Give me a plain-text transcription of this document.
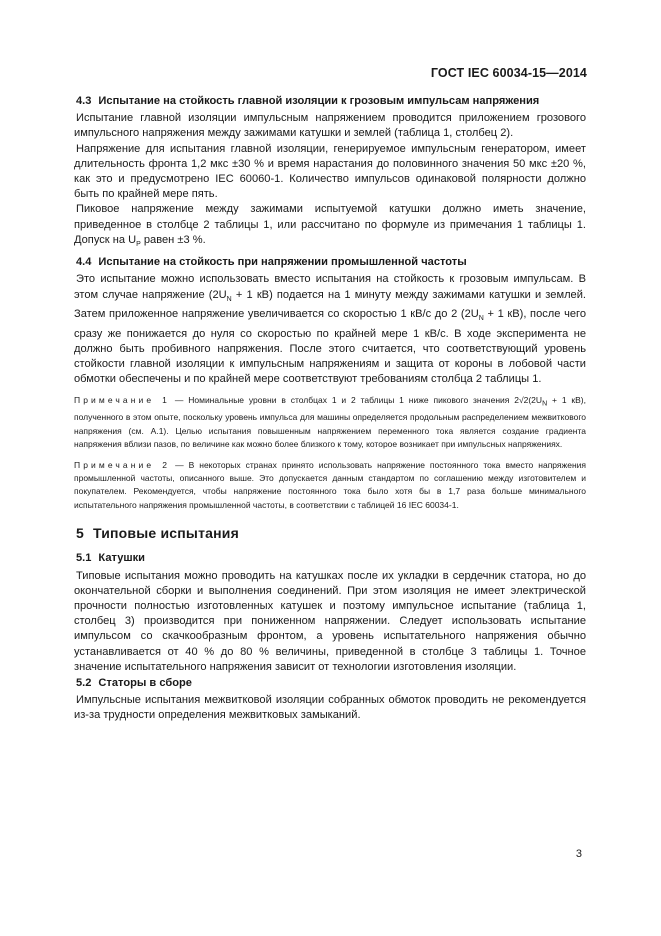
ГОСТ IEC 60034-15—2014
4.3 Испытание на стойкость главной изоляции к грозовым импульсам напряжения

Испытание главной изоляции импульсным напряжением проводится приложением грозового импульсного напряжения между зажимами катушки и землей (таблица 1, столбец 2).

Напряжение для испытания главной изоляции, генерируемое импульсным генератором, имеет длительность фронта 1,2 мкс ±30 % и время нарастания до половинного значения 50 мкс ±20 %, как это и предусмотрено IEC 60060-1. Количество импульсов одинаковой полярности должно быть по крайней мере пять.

Пиковое напряжение между зажимами испытуемой катушки должно иметь значение, приведенное в столбце 2 таблицы 1, или рассчитано по формуле из примечания 1 таблицы 1. Допуск на $U_P$ равен ±3 %.

4.4 Испытание на стойкость при напряжении промышленной частоты

Это испытание можно использовать вместо испытания на стойкость к грозовым импульсам. В этом случае напряжение ($2U_N + 1$ кВ) подается на 1 минуту между зажимами катушки и землей. Затем приложенное напряжение увеличивается со скоростью 1 кВ/с до 2 ($2U_N + 1$ кВ), после чего сразу же понижается до нуля со скоростью по крайней мере 1 кВ/с. В ходе эксперимента не должно быть пробивного напряжения. После этого считается, что соответствующий уровень стойкости главной изоляции к импульсным напряжениям и защита от короны в лобовой части обмотки обеспечены и по крайней мере соответствуют требованиям столбца 2 таблицы 1.

Примечание 1 — Номинальные уровни в столбцах 1 и 2 таблицы 1 ниже пикового значения $2√2(2U_N + 1$ кВ), полученного в этом опыте, поскольку уровень импульса для машины определяется продольным распределением межвиткового напряжения (см. А.1). Целью испытания повышенным напряжением переменного тока является создание градиента напряжения вблизи пазов, по величине как можно более близкого к тому, которое возникает при импульсных напряжениях.
Примечание 2 — В некоторых странах принято использовать напряжение постоянного тока вместо напряжения промышленной частоты, описанного выше. Это допускается данным стандартом по соглашению между изготовителем и покупателем. Рекомендуется, чтобы напряжение постоянного тока было хотя бы в 1,7 раза больше минимального испытательного напряжения промышленной частоты, в соответствии с таблицей 16 IEC 60034-1.
5 Типовые испытания
5.1 Катушки

Типовые испытания можно проводить на катушках после их укладки в сердечник статора, но до окончательной сборки и выполнения соединений. При этом изоляция не имеет электрической прочности полностью изготовленных катушек и поэтому импульсное испытание (таблица 1, столбец 3) производится при пониженном напряжении. Следует использовать испытание импульсом со скачкообразным фронтом, а уровень испытательного напряжения обычно устанавливается от 40 % до 80 % величины, приведенной в столбце 3 таблицы 1. Точное значение испытательного напряжения зависит от технологии изготовления изоляции.

5.2 Статоры в сборе

Импульсные испытания межвитковой изоляции собранных обмоток проводить не рекомендуется из-за трудности определения межвитковых замыканий.

3
